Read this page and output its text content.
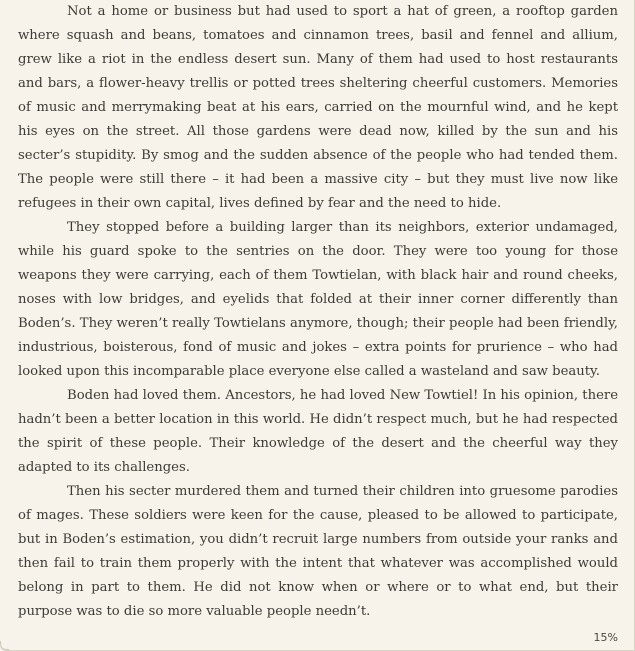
Not a home or business but had used to sport a hat of green, a rooftop garden where squash and beans, tomatoes and cinnamon trees, basil and fennel and allium, grew like a riot in the endless desert sun. Many of them had used to host restaurants and bars, a flower-heavy trellis or potted trees sheltering cheerful customers. Memories of music and merrymaking beat at his ears, carried on the mournful wind, and he kept his eyes on the street. All those gardens were dead now, killed by the sun and his secter’s stupidity. By smog and the sudden absence of the people who had tended them. The people were still there – it had been a massive city – but they must live now like refugees in their own capital, lives defined by fear and the need to hide.

They stopped before a building larger than its neighbors, exterior undamaged, while his guard spoke to the sentries on the door. They were too young for those weapons they were carrying, each of them Towtielan, with black hair and round cheeks, noses with low bridges, and eyelids that folded at their inner corner differently than Boden’s. They weren’t really Towtielans anymore, though; their people had been friendly, industrious, boisterous, fond of music and jokes – extra points for prurience – who had looked upon this incomparable place everyone else called a wasteland and saw beauty.

Boden had loved them. Ancestors, he had loved New Towtiel! In his opinion, there hadn’t been a better location in this world. He didn’t respect much, but he had respected the spirit of these people. Their knowledge of the desert and the cheerful way they adapted to its challenges.

Then his secter murdered them and turned their children into gruesome parodies of mages. These soldiers were keen for the cause, pleased to be allowed to participate, but in Boden’s estimation, you didn’t recruit large numbers from outside your ranks and then fail to train them properly with the intent that whatever was accomplished would belong in part to them. He did not know when or where or to what end, but their purpose was to die so more valuable people needn’t.

15%
